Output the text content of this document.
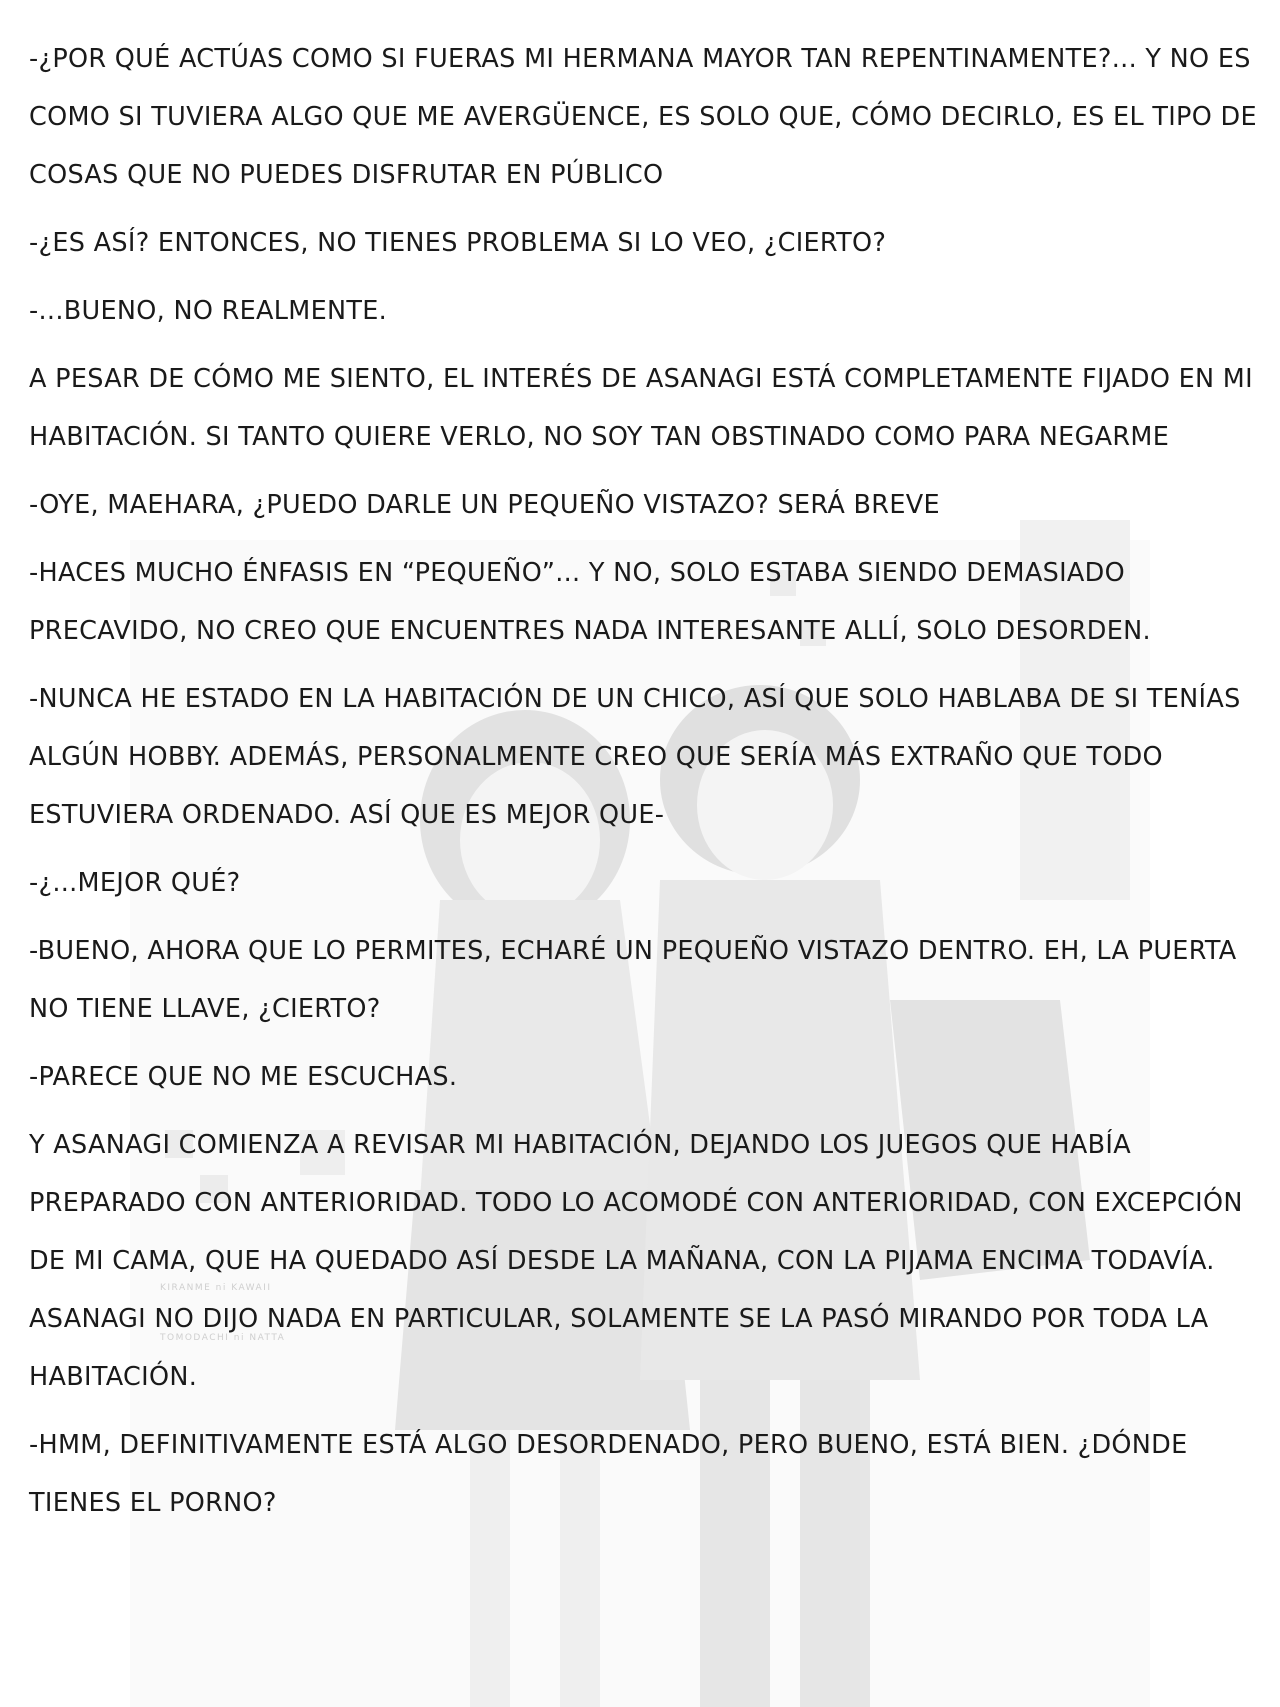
KIRANME ni KAWAII
TOMODACHI ni NATTA

-¿POR QUÉ ACTÚAS COMO SI FUERAS MI HERMANA MAYOR TAN REPENTINAMENTE?... Y NO ES COMO SI TUVIERA ALGO QUE ME AVERGÜENCE, ES SOLO QUE, CÓMO DECIRLO, ES EL TIPO DE COSAS QUE NO PUEDES DISFRUTAR EN PÚBLICO

-¿ES ASÍ? ENTONCES, NO TIENES PROBLEMA SI LO VEO, ¿CIERTO?

-...BUENO, NO REALMENTE.

A PESAR DE CÓMO ME SIENTO, EL INTERÉS DE ASANAGI ESTÁ COMPLETAMENTE FIJADO EN MI HABITACIÓN. SI TANTO QUIERE VERLO, NO SOY TAN OBSTINADO COMO PARA NEGARME

-OYE, MAEHARA, ¿PUEDO DARLE UN PEQUEÑO VISTAZO? SERÁ BREVE

-HACES MUCHO ÉNFASIS EN “PEQUEÑO”... Y NO, SOLO ESTABA SIENDO DEMASIADO PRECAVIDO, NO CREO QUE ENCUENTRES NADA INTERESANTE ALLÍ, SOLO DESORDEN.

-NUNCA HE ESTADO EN LA HABITACIÓN DE UN CHICO, ASÍ QUE SOLO HABLABA DE SI TENÍAS ALGÚN HOBBY. ADEMÁS, PERSONALMENTE CREO QUE SERÍA MÁS EXTRAÑO QUE TODO ESTUVIERA ORDENADO. ASÍ QUE ES MEJOR QUE-

-¿...MEJOR QUÉ?

-BUENO, AHORA QUE LO PERMITES, ECHARÉ UN PEQUEÑO VISTAZO DENTRO. EH, LA PUERTA NO TIENE LLAVE, ¿CIERTO?

-PARECE QUE NO ME ESCUCHAS.

Y ASANAGI COMIENZA A REVISAR MI HABITACIÓN, DEJANDO LOS JUEGOS QUE HABÍA PREPARADO CON ANTERIORIDAD. TODO LO ACOMODÉ CON ANTERIORIDAD, CON EXCEPCIÓN DE MI CAMA, QUE HA QUEDADO ASÍ DESDE LA MAÑANA, CON LA PIJAMA ENCIMA TODAVÍA. ASANAGI NO DIJO NADA EN PARTICULAR, SOLAMENTE SE LA PASÓ MIRANDO POR TODA LA HABITACIÓN.

-HMM, DEFINITIVAMENTE ESTÁ ALGO DESORDENADO, PERO BUENO, ESTÁ BIEN. ¿DÓNDE TIENES EL PORNO?
